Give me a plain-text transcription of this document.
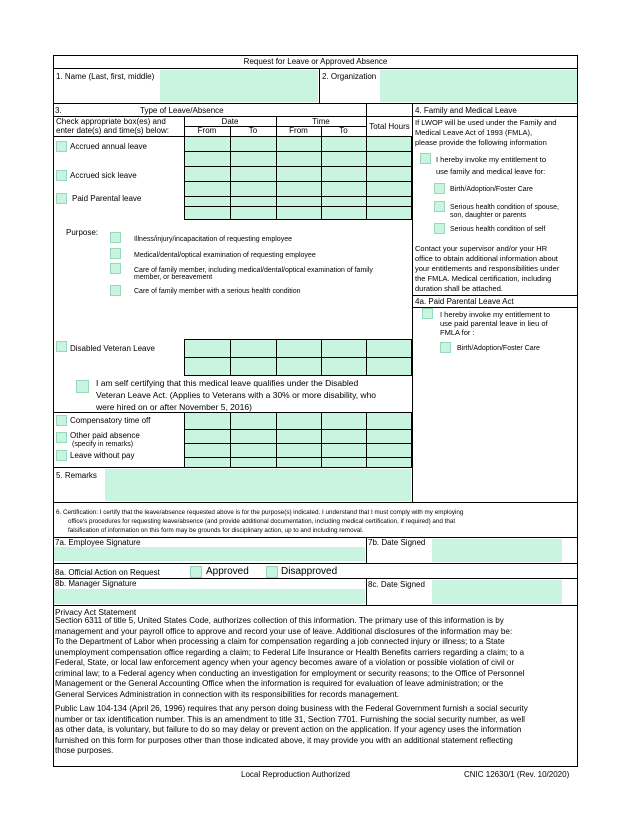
Request for Leave or Approved Absence
1. Name (Last, first, middle)	2. Organization
3.	Type of Leave/Absence
Check appropriate box(es) and
enter date(s) and time(s) below:
Date	Time
From	To	From	To	Total Hours
Accrued annual leave
Accrued sick leave
Paid Parental leave
Purpose:
Illness/injury/incapacitation of requesting employee
Medical/dental/optical examination of requesting employee
Care of family member, including medical/dental/optical examination of family
member, or bereavement
Care of family member with a serious health condition
Disabled Veteran Leave
I am self certifying that this medical leave qualifies under the Disabled
Veteran Leave Act. (Applies to Veterans with a 30% or more disability, who
were hired on or after November 5, 2016)
Compensatory time off
Other paid absence
(specify in remarks)
Leave without pay
4. Family and Medical Leave
If LWOP will be used under the Family and
Medical Leave Act of 1993 (FMLA),
please provide the following information
I hereby invoke my entitlement to
use family and medical leave for:
Birth/Adoption/Foster Care
Serious health condition of spouse,
son, daughter or parents
Serious health condition of self
Contact your supervisor and/or your HR
office to obtain additional information about
your entitlements and responsibilities under
the FMLA. Medical certification, including
duration shall be attached.
4a. Paid Parental Leave Act
I hereby invoke my entitlement to
use paid parental leave in lieu of
FMLA for :
Birth/Adoption/Foster Care
5. Remarks
6. Certification: I certify that the leave/absence requested above is for the purpose(s) indicated. I understand that I must comply with my employing
office's procedures for requesting leave/absence (and provide additional documentation, including medical certification, if required) and that
falsification of information on this form may be grounds for disciplinary action, up to and including removal.
7a. Employee Signature	7b. Date Signed
8a. Official Action on Request	Approved	Disapproved
8b. Manager Signature	8c. Date Signed
Privacy Act Statement
Section 6311 of title 5, United States Code, authorizes collection of this information. The primary use of this information is by
management and your payroll office to approve and record your use of leave. Additional disclosures of the information may be:
To the Department of Labor when processing a claim for compensation regarding a job connected injury or illness; to a State
unemployment compensation office regarding a claim; to Federal Life Insurance or Health Benefits carriers regarding a claim; to a
Federal, State, or local law enforcement agency when your agency becomes aware of a violation or possible violation of civil or
criminal law; to a Federal agency when conducting an investigation for employment or security reasons; to the Office of Personnel
Management or the General Accounting Office when the information is required for evaluation of leave administration; or the
General Services Administration in connection with its responsibilities for records management.
Public Law 104-134 (April 26, 1996) requires that any person doing business with the Federal Government furnish a social security
number or tax identification number. This is an amendment to title 31, Section 7701. Furnishing the social security number, as well
as other data, is voluntary, but failure to do so may delay or prevent action on the application. If your agency uses the information
furnished on this form for purposes other than those indicated above, it may provide you with an additional statement reflecting
those purposes.
Local Reproduction Authorized	CNIC 12630/1 (Rev. 10/2020)
